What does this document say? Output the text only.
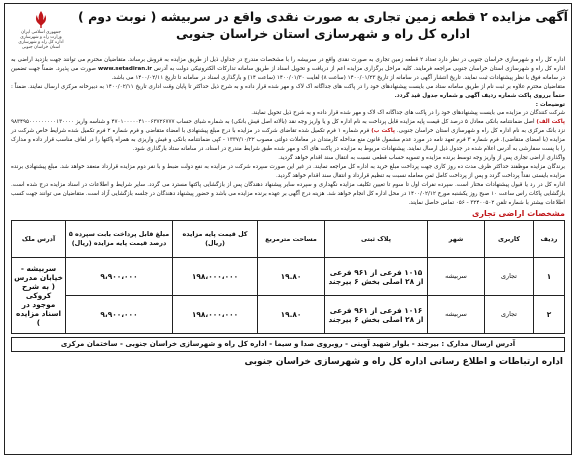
آگهی مزایده ۲ قطعه زمین تجاری به صورت نقدی واقع در سربیشه ( نوبت دوم )
اداره کل راه و شهرسازی استان خراسان جنوبی
جمهوری اسلامی ایران
وزارت راه و شهرسازی
اداره کل راه و شهرسازی
استان خراسان جنوبی

اداره کل راه و شهرسازی خراسان جنوبی در نظر دارد تعداد ۲ قطعه زمین تجاری به صورت نقدی واقع در سربیشه را با مشخصات مندرج در جداول ذیل از طریق مزایده به فروش برساند. متقاضیان محترم می توانند جهت بازدید اراضی به اداره کل راه و شهرسازی استان خراسان جنوبی مراجعه فرمایند. کلیه مراحل برگزاری مزایده اعم از دریافت و تحویل اسناد از طریق سامانه تدارکات الکترونیکی دولت به آدرس www.setadiran.ir صورت می پذیرد. ضمناً جهت تضمین در سامانه فوق با نظر پیشنهادات ثبت نمایند. تاریخ انتشار آگهی در سامانه از تاریخ ۱۴۰۰/۰۱/۲۳ (ساعت ۸) لغایت ۱۴۰۰/۰۱/۳۰ (ساعت ۱۴) و بارگذاری اسناد در سامانه تا تاریخ ۱۴۰۰/۰۲/۱۱ می باشد.

متقاضیان محترم علاوه بر ثبت نام از طریق سامانه ستاد می بایست پیشنهادهای خود را در پاکت های جداگانه اک لاک و مهر شده قرار داده و به شرح ذیل حداکثر تا پایان وقت اداری تاریخ ۱۴۰۰/۰۲/۱۱ به دبیرخانه مرکزی ارسال نمایند. ضمناً : حتماً برروی پاکت شماره ردیف آگهی و شماره جدول قید گردد.

توضیحات :

شرکت کنندگان در مزایده می بایست پیشنهادهای خود را در پاکت های جداگانه اک لاک و مهر شده قرار داده و به شرح ذیل تحویل نمایند.

پاکت الف) اصل ضمانتنامه بانکی معادل ۵ درصد کل قیمت پایه مزایده قابل پرداخت به نام اداره کل و یا واریز وجه نقد (بالاته اصل فیش بانکی) به شماره شبای حساب ۴۷۰۱۰۰۰۰۰۴۱۰۰۶۳۷۲۶۷۷۷ و شناسه واریز ۹۸۳۴۹۵۰۰۰۰۰۰۰۰۰۱۳۰۰۰۰ نزد بانک مرکزی به نام اداره کل راه و شهرسازی استان خراسان جنوبی. پاکت ب) فرم شماره ۱ فرم تکمیل شده تقاضای شرکت در مزایده با درج مبلغ پیشنهادی با امضاء متقاضی و فرم شماره ۲ فرم تکمیل شده شرایط خاص شرکت در مزایده (با امضای متقاضی). فرم شماره ۳ فرم تعهد نامه در مورد عدم مشمول قانون منع مداخله کارمندان در معاملات دولتی مصوب ۱۳۳۷/۱۰/۲۲ - کپی ضمانتنامه بانکی و فیش واریزی به همراه پاکتها را در لفاف مناسب قرار داده و مدارک را با پست سفارشی به آدرس اعلام شده در جدول ذیل ارسال نمایند. پیشنهادات مربوط به مزایده در پاکت های اک و مهر شده طبق شرایط مندرج در اسناد، در سامانه ستاد بارگذاری شود.

واگذاری اراضی تجاری پس از واریز وجه توسط برنده مزایده و تسویه حساب قطعی نسبت به انتقال سند اقدام خواهد گردید.

برندگان مزایده موظفند حداکثر ظرف مدت ده روز کاری جهت پرداخت مبلغ خرید به اداره کل مراجعه نمایند. در غیر این صورت سپرده شرکت در مزایده به نفع دولت ضبط و با نفر دوم مزایده قرارداد منعقد خواهد شد. مبلغ پیشنهادی برنده مزایده بایستی نقداً پرداخت گردد و پس از پرداخت کامل ثمن معامله نسبت به تنظیم قرارداد و انتقال سند اقدام خواهد گردید.

اداره کل در رد یا قبول پیشنهادات مختار است. سپرده نفرات اول تا سوم تا تعیین تکلیف مزایده نگهداری و سپرده سایر پیشنهاد دهندگان پس از بازگشایی پاکتها مسترد می گردد. سایر شرایط و اطلاعات در اسناد مزایده درج شده است. بازگشایی پاکات راس ساعت ۱۰ صبح روز یکشنبه مورخ ۱۴۰۰/۰۲/۱۲ در محل اداره کل انجام خواهد شد. هزینه درج آگهی بر عهده برنده مزایده می باشد و حضور پیشنهاد دهندگان در جلسه بازگشایی آزاد است. متقاضیان می توانند جهت کسب اطلاعات بیشتر با شماره تلفن ۳۲۴۰۰۵۰۲ - ۰۵۶ تماس حاصل نمایند.

مشخصات اراضی تجاری
ردیف	کاربری	شهر	پلاک ثبتی	مساحت مترمربع	کل قیمت پایه مزایده (ریال)	مبلغ قابل پرداخت بابت سپرده ۵ درصد قیمت پایه مزایده (ریال)	آدرس ملک
۱	تجاری	سربیشه	۱۰۱۵ فرعی از ۹۶۱ فرعی از ۲۸ اصلی بخش ۶ بیرجند	۱۹.۸۰	۱۹۸،۰۰۰،۰۰۰	۹،۹۰۰،۰۰۰	سربیشه - خیابان مدرس ( به شرح کروکی موجود در اسناد مزایده )
۲	تجاری	سربیشه	۱۰۱۶ فرعی از ۹۶۱ فرعی از ۲۸ اصلی بخش ۶ بیرجند	۱۹.۸۰	۱۹۸،۰۰۰،۰۰۰	۹،۹۰۰،۰۰۰	
آدرس ارسال مدارک : بیرجند - بلوار شهید آوینی - روبروی صدا و سیما - اداره کل راه و شهرسازی خراسان جنوبی - ساختمان مرکزی
اداره ارتباطات و اطلاع رسانی اداره کل راه و شهرسازی خراسان جنوبی
